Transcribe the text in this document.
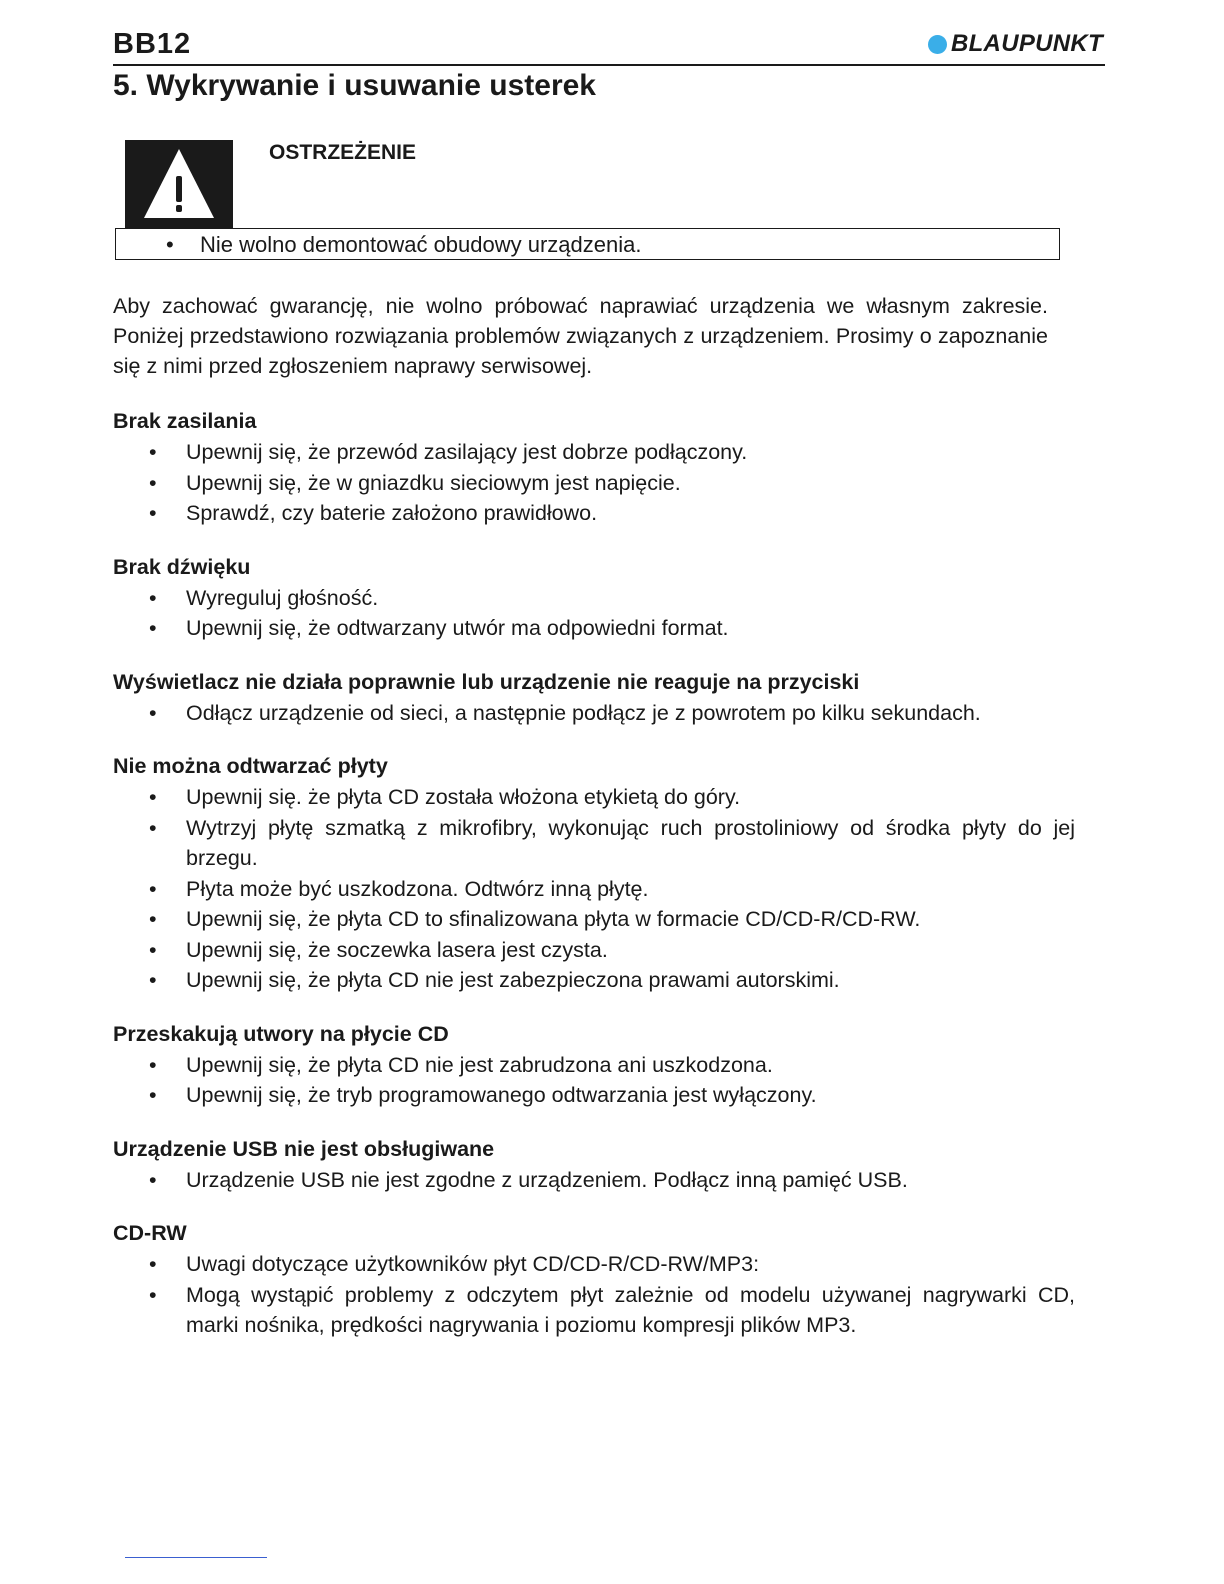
BB12	BLAUPUNKT
5. Wykrywanie i usuwanie usterek
OSTRZEŻENIE
• Nie wolno demontować obudowy urządzenia.
Aby zachować gwarancję, nie wolno próbować naprawiać urządzenia we własnym zakresie. Poniżej przedstawiono rozwiązania problemów związanych z urządzeniem. Prosimy o zapoznanie się z nimi przed zgłoszeniem naprawy serwisowej.
Brak zasilania
• Upewnij się, że przewód zasilający jest dobrze podłączony.
• Upewnij się, że w gniazdku sieciowym jest napięcie.
• Sprawdź, czy baterie założono prawidłowo.
Brak dźwięku
• Wyreguluj głośność.
• Upewnij się, że odtwarzany utwór ma odpowiedni format.
Wyświetlacz nie działa poprawnie lub urządzenie nie reaguje na przyciski
• Odłącz urządzenie od sieci, a następnie podłącz je z powrotem po kilku sekundach.
Nie można odtwarzać płyty
• Upewnij się. że płyta CD została włożona etykietą do góry.
• Wytrzyj płytę szmatką z mikrofibry, wykonując ruch prostoliniowy od środka płyty do jej brzegu.
• Płyta może być uszkodzona. Odtwórz inną płytę.
• Upewnij się, że płyta CD to sfinalizowana płyta w formacie CD/CD-R/CD-RW.
• Upewnij się, że soczewka lasera jest czysta.
• Upewnij się, że płyta CD nie jest zabezpieczona prawami autorskimi.
Przeskakują utwory na płycie CD
• Upewnij się, że płyta CD nie jest zabrudzona ani uszkodzona.
• Upewnij się, że tryb programowanego odtwarzania jest wyłączony.
Urządzenie USB nie jest obsługiwane
• Urządzenie USB nie jest zgodne z urządzeniem. Podłącz inną pamięć USB.
CD-RW
• Uwagi dotyczące użytkowników płyt CD/CD-R/CD-RW/MP3:
• Mogą wystąpić problemy z odczytem płyt zależnie od modelu używanej nagrywarki CD, marki nośnika, prędkości nagrywania i poziomu kompresji plików MP3.
